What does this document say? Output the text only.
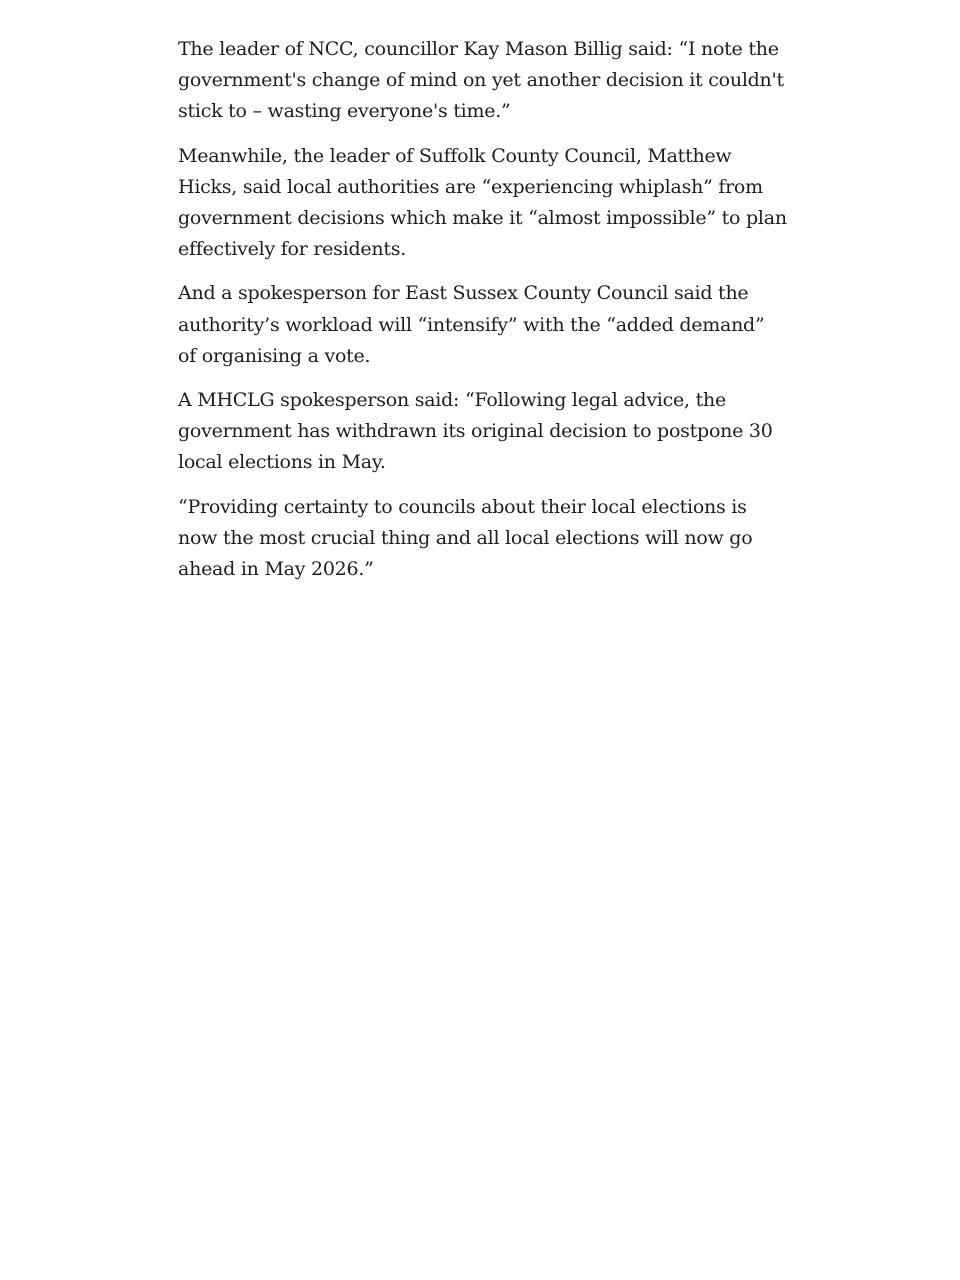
The leader of NCC, councillor Kay Mason Billig said: “I note the government's change of mind on yet another decision it couldn't stick to – wasting everyone's time.”

Meanwhile, the leader of Suffolk County Council, Matthew Hicks, said local authorities are “experiencing whiplash” from government decisions which make it “almost impossible” to plan effectively for residents.

And a spokesperson for East Sussex County Council said the authority’s workload will “intensify” with the “added demand” of organising a vote.

A MHCLG spokesperson said: “Following legal advice, the government has withdrawn its original decision to postpone 30 local elections in May.

“Providing certainty to councils about their local elections is now the most crucial thing and all local elections will now go ahead in May 2026.”
